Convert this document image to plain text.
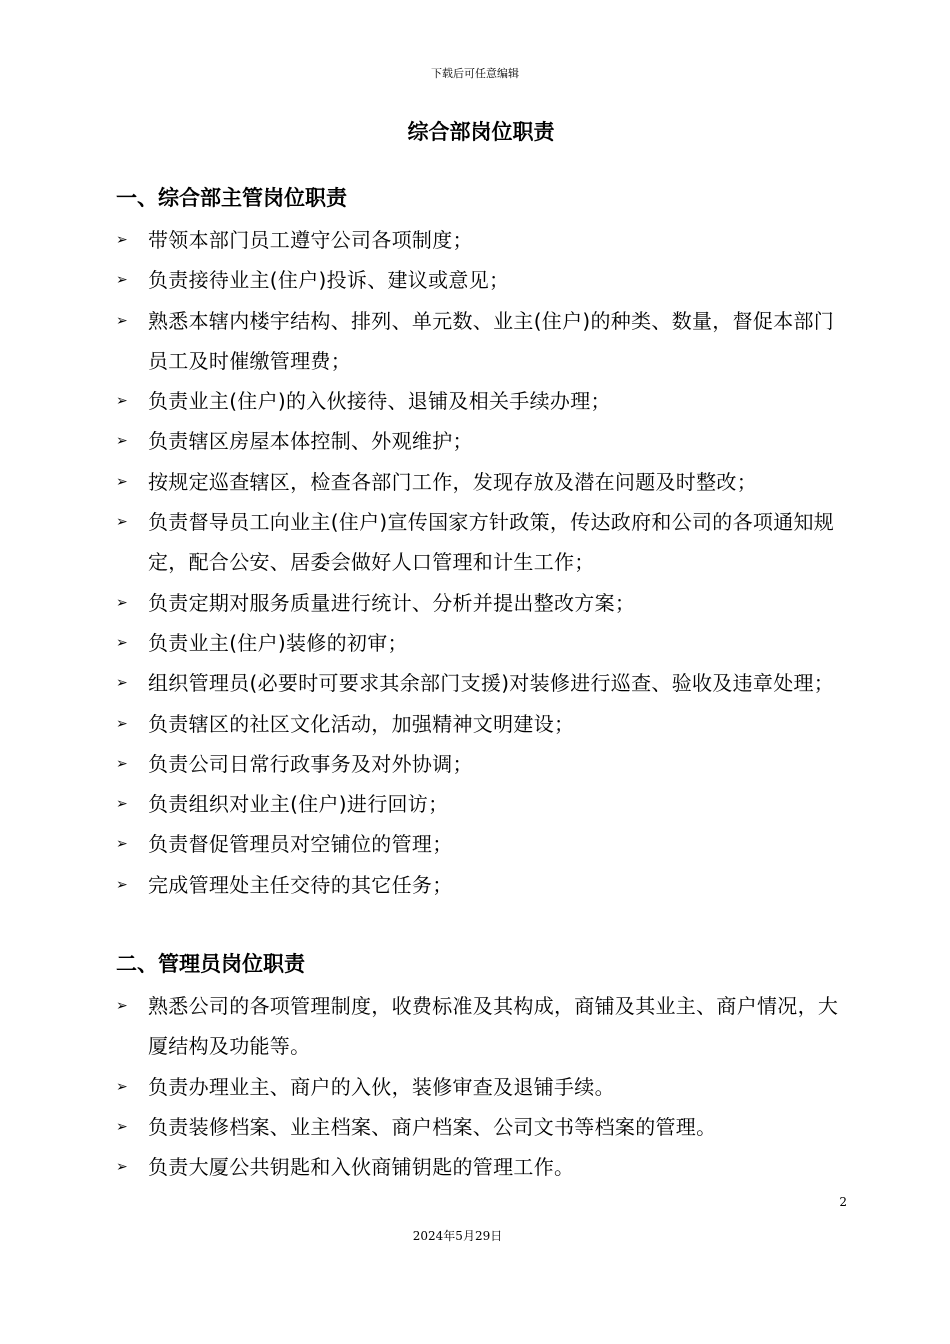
下载后可任意编辑
综合部岗位职责
一、综合部主管岗位职责
➢ 带领本部门员工遵守公司各项制度；
➢ 负责接待业主(住户)投诉、建议或意见；
➢ 熟悉本辖内楼宇结构、排列、单元数、业主(住户)的种类、数量，督促本部门员工及时催缴管理费；
➢ 负责业主(住户)的入伙接待、退铺及相关手续办理；
➢ 负责辖区房屋本体控制、外观维护；
➢ 按规定巡查辖区，检查各部门工作，发现存放及潜在问题及时整改；
➢ 负责督导员工向业主(住户)宣传国家方针政策，传达政府和公司的各项通知规定，配合公安、居委会做好人口管理和计生工作；
➢ 负责定期对服务质量进行统计、分析并提出整改方案；
➢ 负责业主(住户)装修的初审；
➢ 组织管理员(必要时可要求其余部门支援)对装修进行巡查、验收及违章处理；
➢ 负责辖区的社区文化活动，加强精神文明建设；
➢ 负责公司日常行政事务及对外协调；
➢ 负责组织对业主(住户)进行回访；
➢ 负责督促管理员对空铺位的管理；
➢ 完成管理处主任交待的其它任务；
二、管理员岗位职责
➢ 熟悉公司的各项管理制度，收费标准及其构成，商铺及其业主、商户情况，大厦结构及功能等。
➢ 负责办理业主、商户的入伙，装修审查及退铺手续。
➢ 负责装修档案、业主档案、商户档案、公司文书等档案的管理。
➢ 负责大厦公共钥匙和入伙商铺钥匙的管理工作。
2
2024年5月29日
